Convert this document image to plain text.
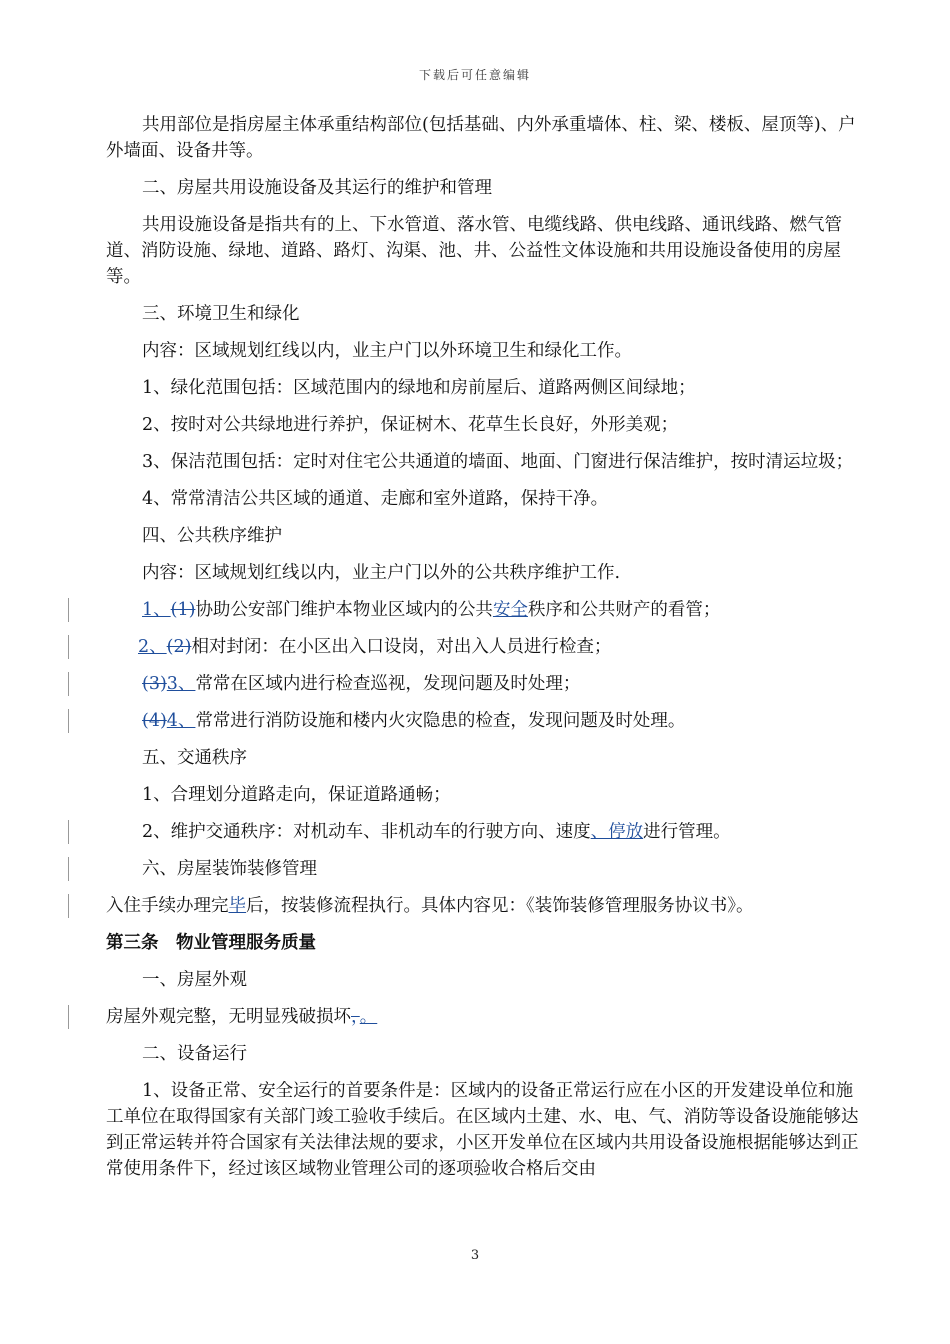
下载后可任意编辑

共用部位是指房屋主体承重结构部位(包括基础、内外承重墙体、柱、梁、楼板、屋顶等)、户外墙面、设备井等。

二、房屋共用设施设备及其运行的维护和管理

共用设施设备是指共有的上、下水管道、落水管、电缆线路、供电线路、通讯线路、燃气管道、消防设施、绿地、道路、路灯、沟渠、池、井、公益性文体设施和共用设施设备使用的房屋等。

三、环境卫生和绿化

内容：区域规划红线以内，业主户门以外环境卫生和绿化工作。

1、绿化范围包括：区域范围内的绿地和房前屋后、道路两侧区间绿地；

2、按时对公共绿地进行养护，保证树木、花草生长良好，外形美观；

3、保洁范围包括：定时对住宅公共通道的墙面、地面、门窗进行保洁维护，按时清运垃圾；

4、常常清洁公共区域的通道、走廊和室外道路，保持干净。

四、公共秩序维护

内容：区域规划红线以内，业主户门以外的公共秩序维护工作.

1、(1)协助公安部门维护本物业区域内的公共安全秩序和公共财产的看管；

2、(2)相对封闭：在小区出入口设岗，对出入人员进行检查；

(3)3、常常在区域内进行检查巡视，发现问题及时处理；

(4)4、常常进行消防设施和楼内火灾隐患的检查，发现问题及时处理。

五、交通秩序

1、合理划分道路走向，保证道路通畅；

2、维护交通秩序：对机动车、非机动车的行驶方向、速度、停放进行管理。

六、房屋装饰装修管理

入住手续办理完毕后，按装修流程执行。具体内容见：《装饰装修管理服务协议书》。

第三条　物业管理服务质量

一、房屋外观

房屋外观完整，无明显残破损坏，。

二、设备运行

1、设备正常、安全运行的首要条件是：区域内的设备正常运行应在小区的开发建设单位和施工单位在取得国家有关部门竣工验收手续后。在区域内土建、水、电、气、消防等设备设施能够达到正常运转并符合国家有关法律法规的要求，小区开发单位在区域内共用设备设施根据能够达到正常使用条件下，经过该区域物业管理公司的逐项验收合格后交由

3
